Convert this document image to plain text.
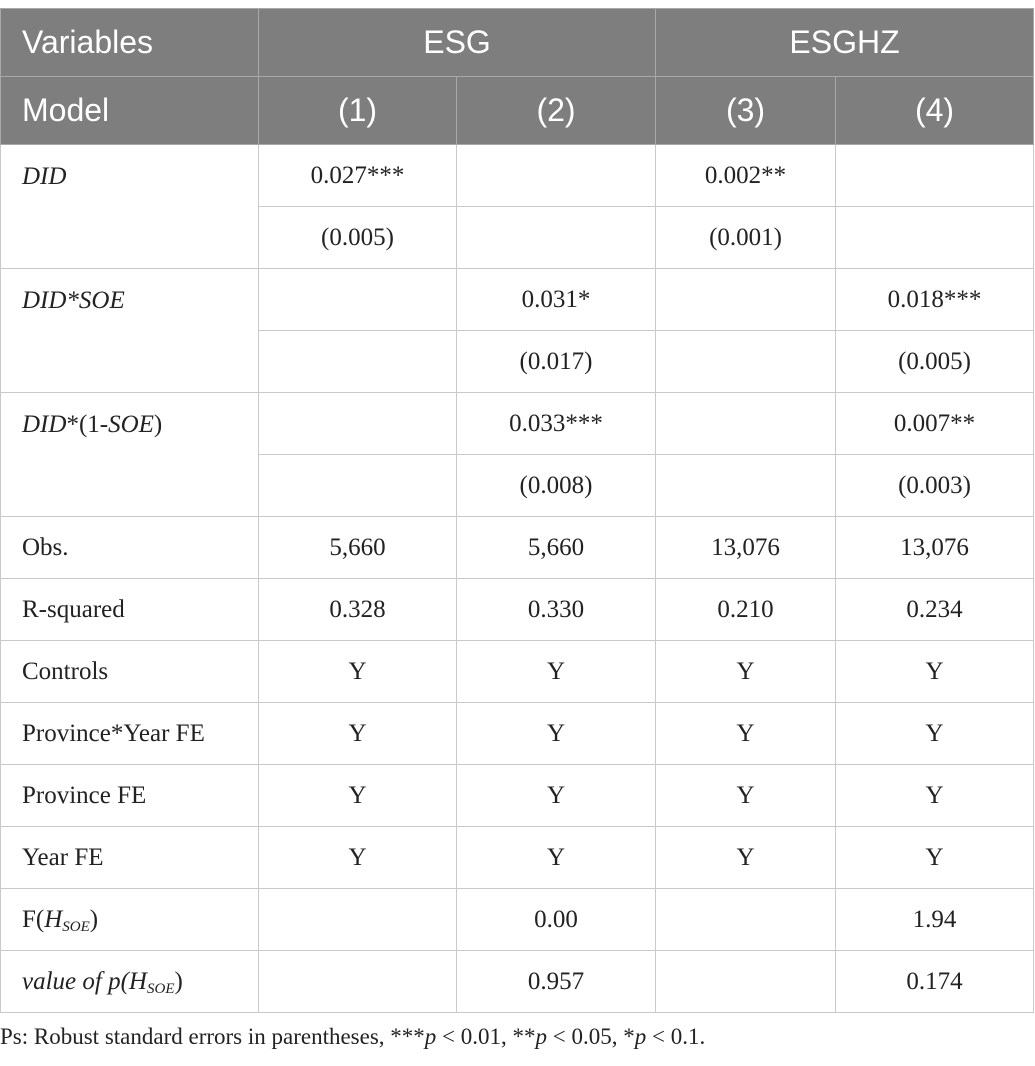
Variables	ESG		ESGHZ	
Model	(1)	(2)	(3)	(4)
DID	0.027***		0.002**	
	(0.005)		(0.001)	
DID*SOE		0.031*		0.018***
		(0.017)		(0.005)
DID*(1-SOE)		0.033***		0.007**
		(0.008)		(0.003)
Obs.	5,660	5,660	13,076	13,076
R-squared	0.328	0.330	0.210	0.234
Controls	Y	Y	Y	Y
Province*Year FE	Y	Y	Y	Y
Province FE	Y	Y	Y	Y
Year FE	Y	Y	Y	Y
F(HSOE)		0.00		1.94
value of p(HSOE)		0.957		0.174
Ps: Robust standard errors in parentheses, ***p < 0.01, **p < 0.05, *p < 0.1.
